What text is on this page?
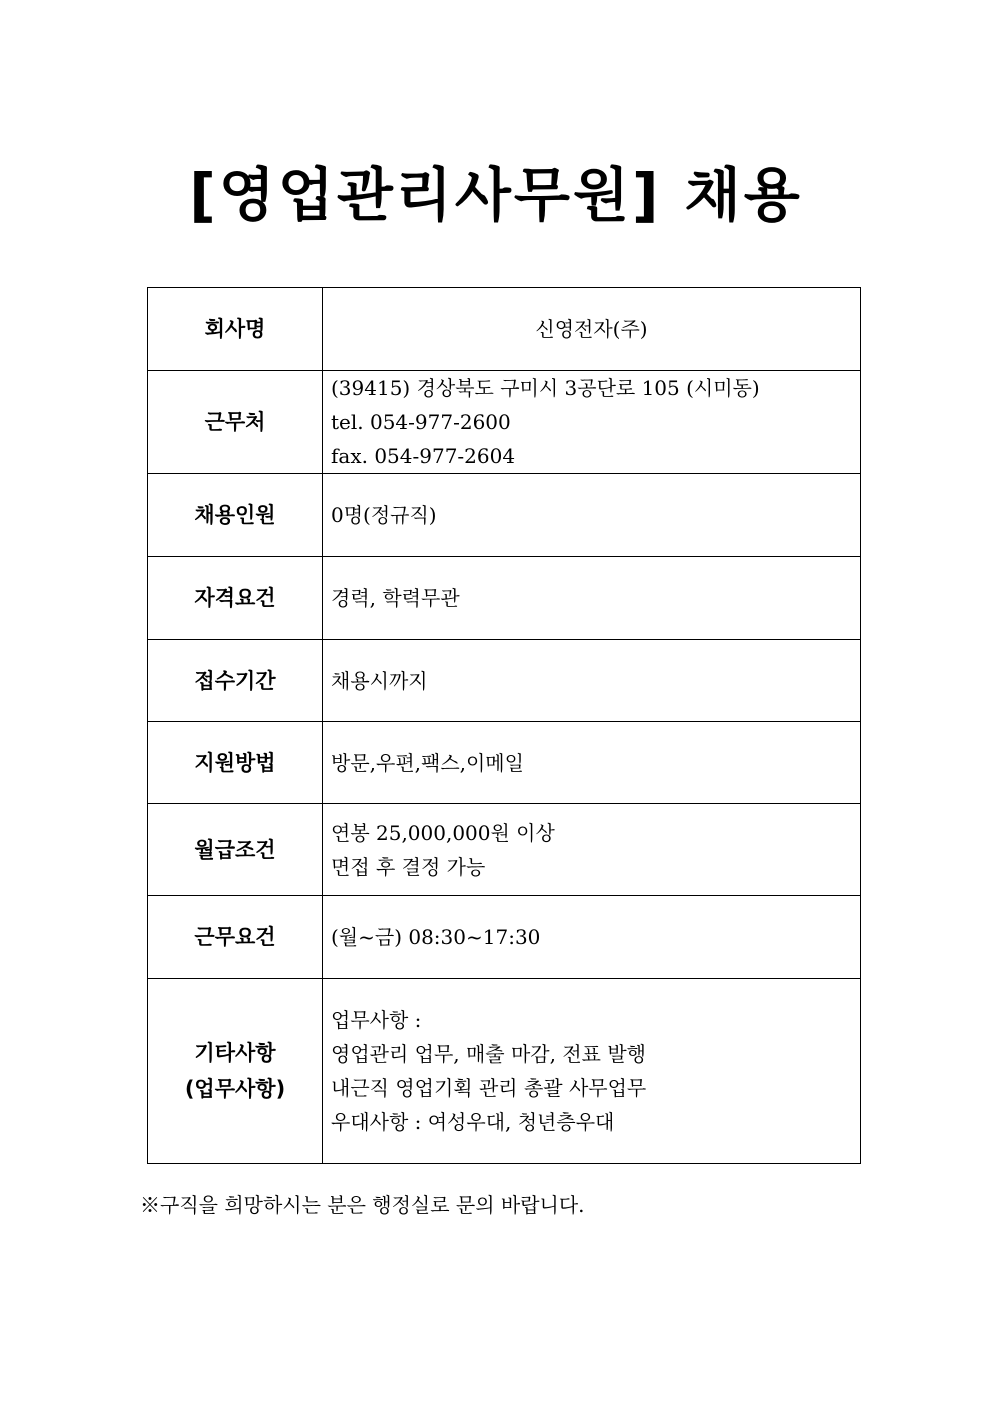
[영업관리사무원] 채용
회사명	신영전자(주)

근무처	(39415) 경상북도 구미시 3공단로 105 (시미동)
tel. 054-977-2600
fax. 054-977-2604

채용인원	0명(정규직)

자격요건	경력, 학력무관

접수기간	채용시까지

지원방법	방문,우편,팩스,이메일

월급조건	연봉 25,000,000원 이상
면접 후 결정 가능

근무요건	(월~금) 08:30~17:30

기타사항
(업무사항)	업무사항 :
영업관리 업무, 매출 마감, 전표 발행
내근직 영업기획 관리 총괄 사무업무
우대사항 : 여성우대, 청년층우대
※구직을 희망하시는 분은 행정실로 문의 바랍니다.
